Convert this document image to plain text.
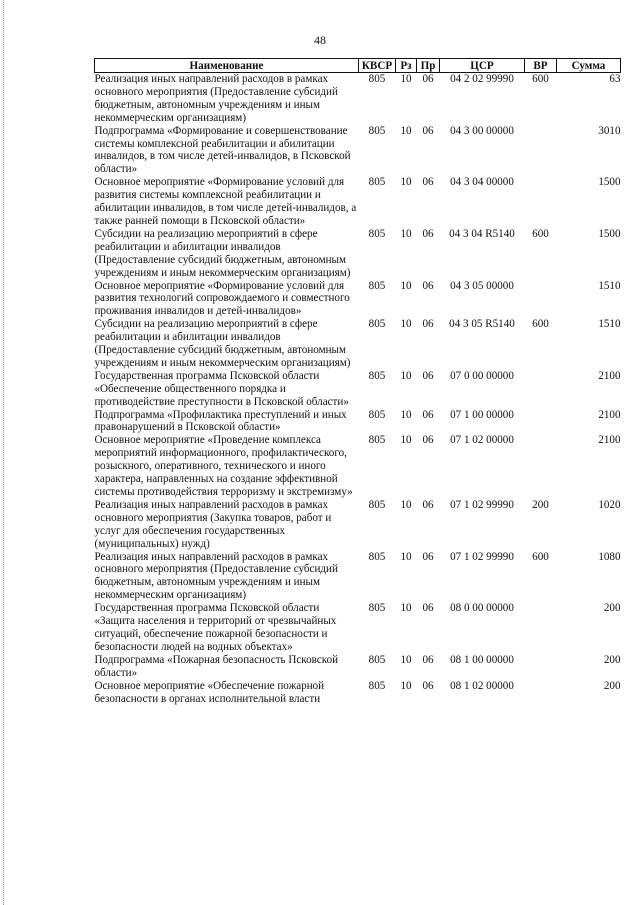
48
Наименование	КВСР	Рз	Пр	ЦСР	ВР	Сумма
Реализация иных направлений расходов в рамках основного мероприятия (Предоставление субсидий бюджетным, автономным учреждениям и иным некоммерческим организациям)	805	10	06	04 2 02 99990	600	63
Подпрограмма «Формирование и совершенствование системы комплексной реабилитации и абилитации инвалидов, в том числе детей-инвалидов, в Псковской области»	805	10	06	04 3 00 00000		3010
Основное мероприятие «Формирование условий для развития системы комплексной реабилитации и абилитации инвалидов, в том числе детей-инвалидов, а также ранней помощи в Псковской области»	805	10	06	04 3 04 00000		1500
Субсидии на реализацию мероприятий в сфере реабилитации и абилитации инвалидов (Предоставление субсидий бюджетным, автономным учреждениям и иным некоммерческим организациям)	805	10	06	04 3 04 R5140	600	1500
Основное мероприятие «Формирование условий для развития технологий сопровождаемого и совместного проживания инвалидов и детей-инвалидов»	805	10	06	04 3 05 00000		1510
Субсидии на реализацию мероприятий в сфере реабилитации и абилитации инвалидов (Предоставление субсидий бюджетным, автономным учреждениям и иным некоммерческим организациям)	805	10	06	04 3 05 R5140	600	1510
Государственная программа Псковской области «Обеспечение общественного порядка и противодействие преступности в Псковской области»	805	10	06	07 0 00 00000		2100
Подпрограмма «Профилактика преступлений и иных правонарушений в Псковской области»	805	10	06	07 1 00 00000		2100
Основное мероприятие «Проведение комплекса мероприятий информационного, профилактического, розыскного, оперативного, технического и иного характера, направленных на создание эффективной системы противодействия терроризму и экстремизму»	805	10	06	07 1 02 00000		2100
Реализация иных направлений расходов в рамках основного мероприятия (Закупка товаров, работ и услуг для обеспечения государственных (муниципальных) нужд)	805	10	06	07 1 02 99990	200	1020
Реализация иных направлений расходов в рамках основного мероприятия (Предоставление субсидий бюджетным, автономным учреждениям и иным некоммерческим организациям)	805	10	06	07 1 02 99990	600	1080
Государственная программа Псковской области «Защита населения и территорий от чрезвычайных ситуаций, обеспечение пожарной безопасности и безопасности людей на водных объектах»	805	10	06	08 0 00 00000		200
Подпрограмма «Пожарная безопасность Псковской области»	805	10	06	08 1 00 00000		200
Основное мероприятие «Обеспечение пожарной безопасности в органах исполнительной власти	805	10	06	08 1 02 00000		200
